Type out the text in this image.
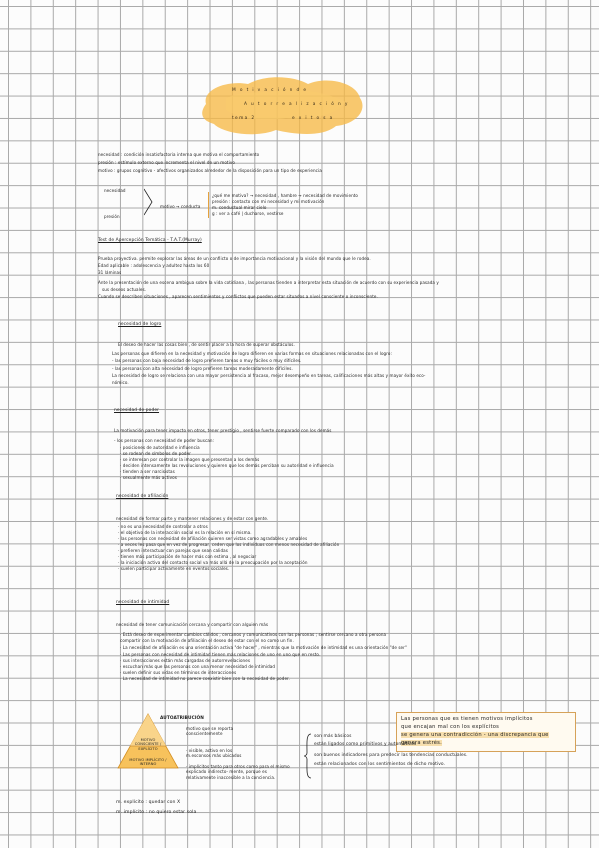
M o t i v a c i ó n d e
A u t o r r e a l i z a c i ó n y
tema 2	e x i t o s a
necesidad : condición insatisfactoria interna que motiva el comportamiento
presión : estímulo externo que incrementa el nivel de un motivo
motivo : grupos cognitivo - afectivos organizados alrededor de la disposición para un tipo de experiencia
necesidad
presión
motivo → conducta
¿qué me motiva? → necesidad , hambre → necesidad de movimiento
presión : contacto con mi necesidad y mi motivación
m. conductual mirar cielo
g : ver a café | ducharse, vestirse
Test de Apercepción Temática - T.A.T.(Murray)
Prueba proyectiva. permite explorar las áreas de un conflicto o de importancia motivacional y la visión del mundo que le rodea.
Edad aplicable : adolescencia y adultez hasta los 60
31 láminas
Ante la presentación de una escena ambigua sobre la vida cotidiana , las personas tienden a interpretar esta situación de acuerdo con su experiencia pasada y
sus deseos actuales.
Cuando se describen situaciones , aparecen sentimientos y conflictos que pueden estar situados a nivel consciente o inconsciente.
necesidad de logro
El deseo de hacer las cosas bien , de sentir placer a la hora de superar obstáculos.
Las personas que difieren en la necesidad y motivación de logro difieren en varias formas en situaciones relacionadas con el logro:
- las personas con baja necesidad de logro prefieren tareas o muy fáciles o muy difíciles.
- las personas con alta necesidad de logro prefieren tareas moderadamente difíciles.
La necesidad de logro se relaciona con una mayor persistencia al fracaso, mejor desempeño en tareas, calificaciones más altas y mayor éxito eco-
nómico.
necesidad de poder
La motivación para tener impacto en otros, tener prestigio , sentirse fuerte comparado con los demás
- los personas con necesidad de poder buscan:
· posiciones de autoridad e influencia
· se rodean de símbolos de poder
· se interesan por controlar la imagen que presentan a los demás
· deciden intensamente las revoluciones y quieren que los demás perciban su autoridad e influencia
· tienden a ser narcisistas
· sexualmente más activos
necesidad de afiliación
necesidad de formar parte y mantener relaciones y de estar con gente.
· no es una necesidad de controlar a otros
· el objetivo de la interacción social es la relación en sí misma.
· las personas con necesidad de afiliación quieren ser vistas como agradables y amables
· a veces les pasa que en vez de progresar, ceden que los individuos con menos necesidad de afiliación
· prefieren interactuar con parejas que sean calidas
· tienen más participación de hacer más con estima , al negociar
· la iniciación activa del contacto social va más allá de la preocupación por la aceptación
· suelen participar activamente en eventos sociales.
necesidad de intimidad
necesidad de tener comunicación cercana y compartir con alguien más
· Está deseo de experimentar cambios cálidos , cercanos y comunicativos con las personas ; sentirse cercano a otra persona
compartir con la motivación de afiliación el deseo de estar con el no como un fin.
· La necesidad de afiliación es una orientación activa "de hacer" , mientras que la motivación de intimidad es una orientación "de ser"
· Las personas con necesidad de intimidad tienen más relaciones de uno en uno que en resto.
· sus interacciones están más cargadas de autorrevelaciones
· escuchan más que las personas con una menor necesidad de intimidad
· suelen definir sus vidas en términos de interacciones
· La necesidad de intimidad no parece coexistir bien con la necesidad de poder.
AUTOATRIBUCIÓN
MOTIVO CONSCIENTE / EXPLÍCITO
MOTIVO IMPLÍCITO / INTERNO
motivo que se reporta conscientemente
· visible, activo en los m.esconsos más ubicados
· implícitos tanto para otros como para el mismo explicado indirecto- mente, porque es relativamente inaccesible a la conciencia.
m. explícito : quedar con X
m. implícito : no quiero estar sola
Las personas que es tienen motivos implícitos
que encajan mal con los explícitos
se genera una contradicción - una discrepancia que
genera estrés.
son más básicos
están ligados como primitivos y automáticos
son buenos indicadores para predecir las tendencias conductuales.
están relacionados con los sentimientos de dicho motivo.
